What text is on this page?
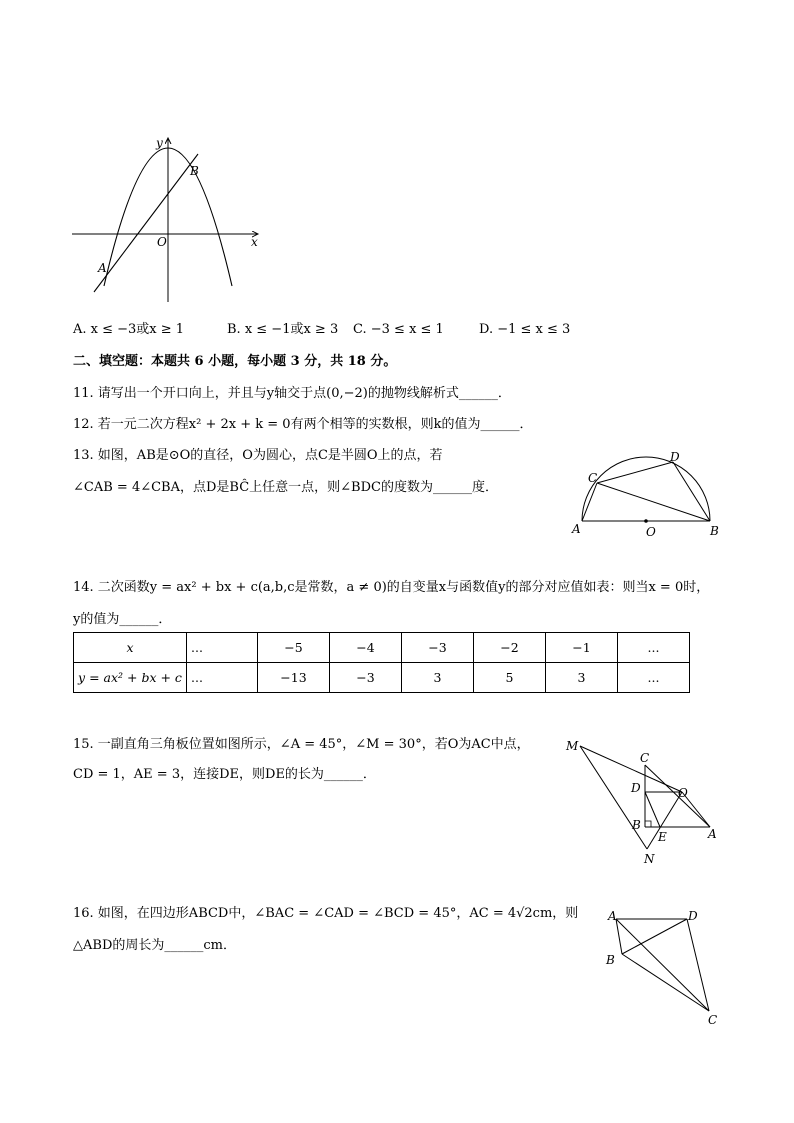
y
x
O
A
B
A. x ≤ −3或x ≥ 1	B. x ≤ −1或x ≥ 3 C. −3 ≤ x ≤ 1	D. −1 ≤ x ≤ 3
二、填空题：本题共 6 小题，每小题 3 分，共 18 分。
11. 请写出一个开口向上，并且与y轴交于点(0,−2)的抛物线解析式______．
12. 若一元二次方程x² + 2x + k = 0有两个相等的实数根，则k的值为______．
13. 如图，AB是⊙O的直径，O为圆心，点C是半圆O上的点，若
∠CAB = 4∠CBA，点D是BĈ上任意一点，则∠BDC的度数为______度．
A	B
C
D
O
14. 二次函数y = ax² + bx + c(a,b,c是常数，a ≠ 0)的自变量x与函数值y的部分对应值如表：则当x = 0时，
y的值为______．
x	...	−5	−4	−3	−2	−1	...
y = ax² + bx + c	...	−13	−3	3	5	3	...
15. 一副直角三角板位置如图所示，∠A = 45°，∠M = 30°，若O为AC中点，
CD = 1，AE = 3，连接DE，则DE的长为______．
M
C
D	O
B
E	A
N
16. 如图，在四边形ABCD中，∠BAC = ∠CAD = ∠BCD = 45°，AC = 4√2cm，则
△ABD的周长为______cm．
A	D
B
C
